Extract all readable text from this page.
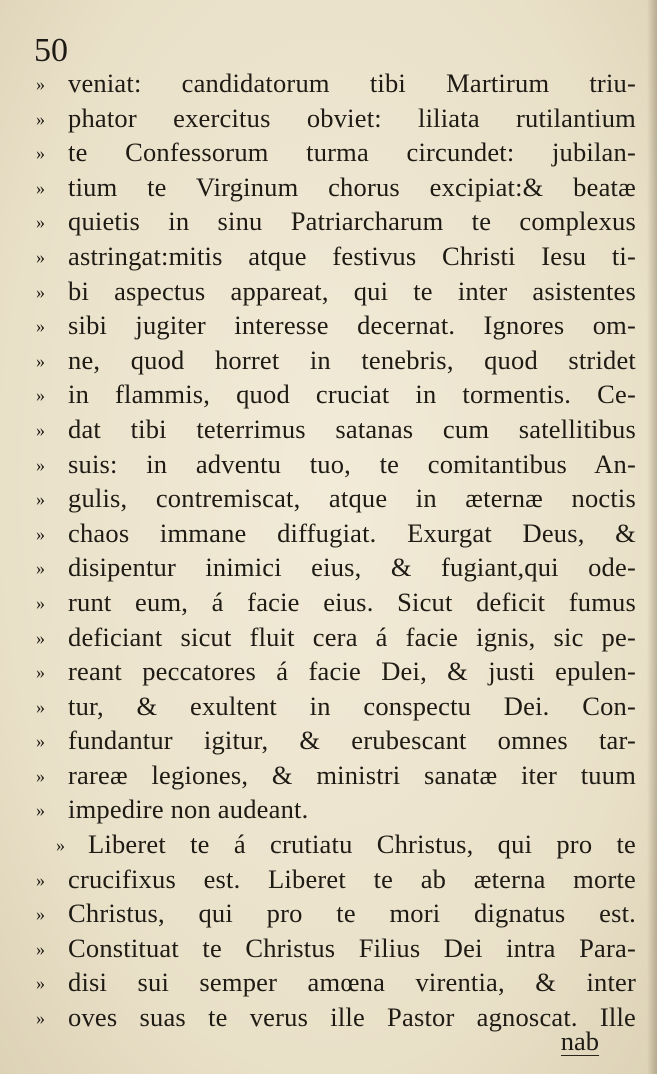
50
» veniat: candidatorum tibi Martirum triu-
» phator exercitus obviet: liliata rutilantium
» te Confessorum turma circundet: jubilan-
» tium te Virginum chorus excipiat:& beatæ
» quietis in sinu Patriarcharum te complexus
» astringat:mitis atque festivus Christi Iesu ti-
» bi aspectus appareat, qui te inter asistentes
» sibi jugiter interesse decernat. Ignores om-
» ne, quod horret in tenebris, quod stridet
» in flammis, quod cruciat in tormentis. Ce-
» dat tibi teterrimus satanas cum satellitibus
» suis: in adventu tuo, te comitantibus An-
» gulis, contremiscat, atque in æternæ noctis
» chaos immane diffugiat. Exurgat Deus, &
» disipentur inimici eius, & fugiant,qui ode-
» runt eum, á facie eius. Sicut deficit fumus
» deficiant sicut fluit cera á facie ignis, sic pe-
» reant peccatores á facie Dei, & justi epulen-
» tur, & exultent in conspectu Dei. Con-
» fundantur igitur, & erubescant omnes tar-
» rareæ legiones, & ministri sanatæ iter tuum
» impedire non audeant.
» Liberet te á crutiatu Christus, qui pro te
» crucifixus est. Liberet te ab æterna morte
» Christus, qui pro te mori dignatus est.
» Constituat te Christus Filius Dei intra Para-
» disi sui semper amœna virentia, & inter
» oves suas te verus ille Pastor agnoscat. Ille
nab
